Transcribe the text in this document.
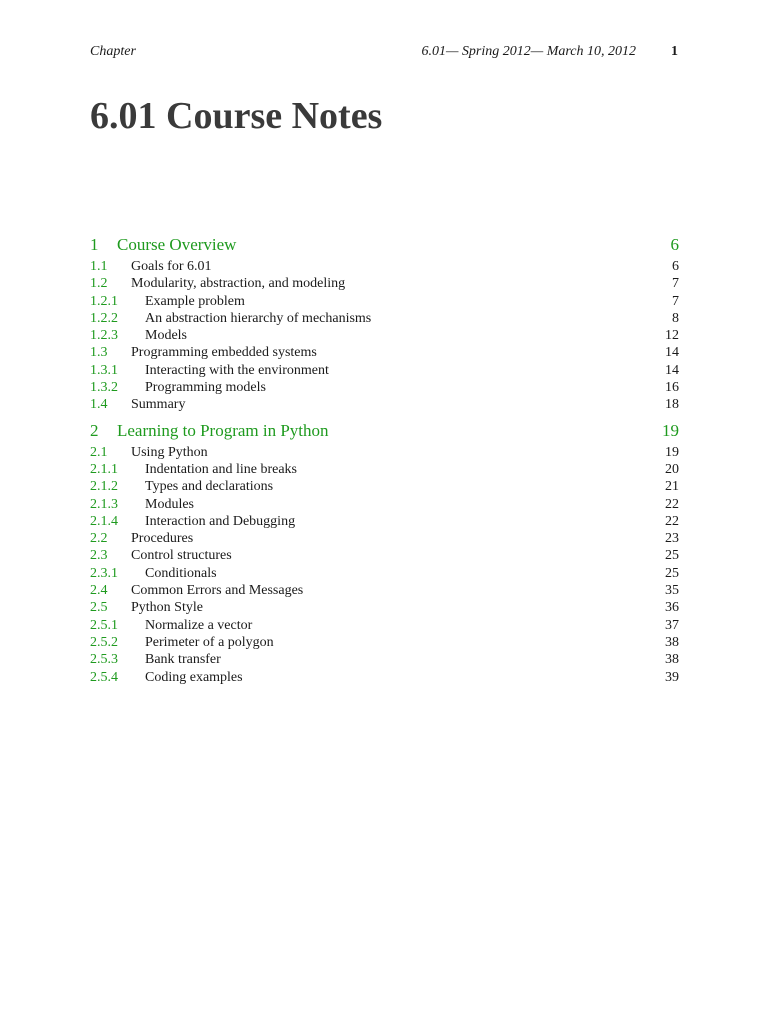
Chapter	6.01— Spring 2012— March 10, 2012	1
6.01 Course Notes
1 Course Overview	6
1.1 Goals for 6.01	6
1.2 Modularity, abstraction, and modeling	7
1.2.1 Example problem	7
1.2.2 An abstraction hierarchy of mechanisms	8
1.2.3 Models	12
1.3 Programming embedded systems	14
1.3.1 Interacting with the environment	14
1.3.2 Programming models	16
1.4 Summary	18
2 Learning to Program in Python	19
2.1 Using Python	19
2.1.1 Indentation and line breaks	20
2.1.2 Types and declarations	21
2.1.3 Modules	22
2.1.4 Interaction and Debugging	22
2.2 Procedures	23
2.3 Control structures	25
2.3.1 Conditionals	25
2.4 Common Errors and Messages	35
2.5 Python Style	36
2.5.1 Normalize a vector	37
2.5.2 Perimeter of a polygon	38
2.5.3 Bank transfer	38
2.5.4 Coding examples	39
